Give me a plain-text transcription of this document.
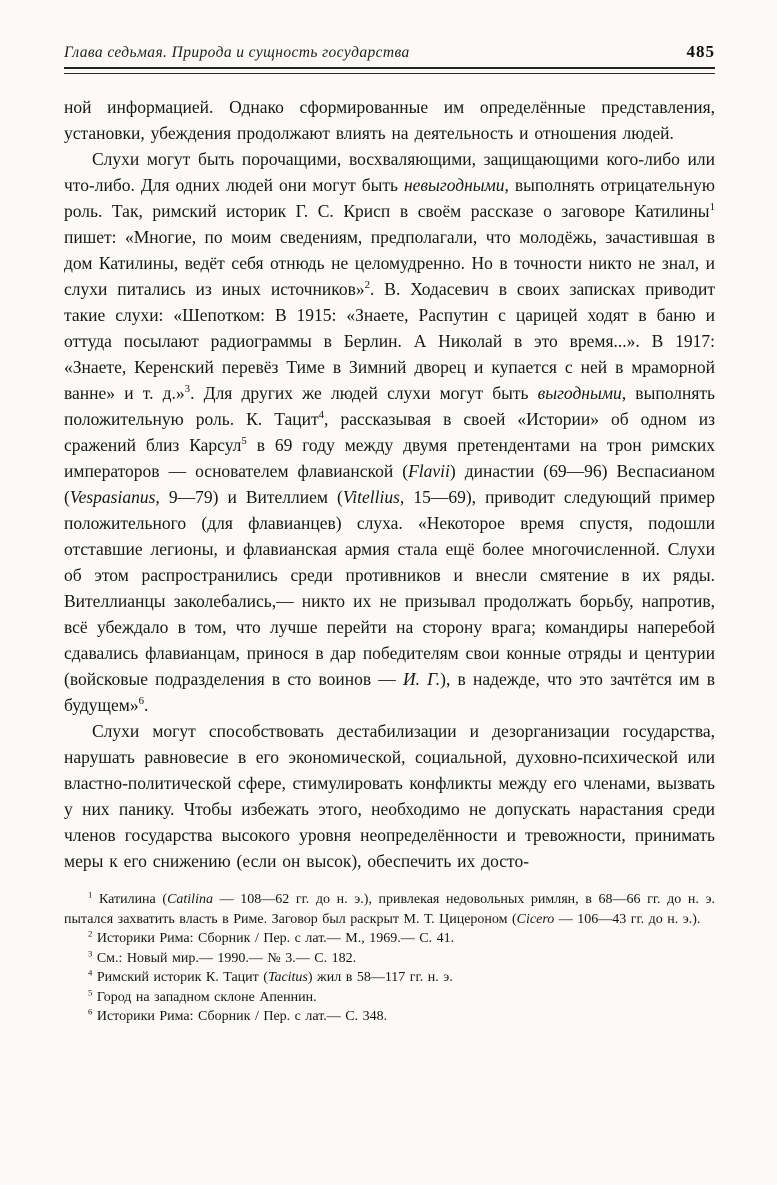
Глава седьмая. Природа и сущность государства	485

ной информацией. Однако сформированные им определённые представления, установки, убеждения продолжают влиять на деятельность и отношения людей.

Слухи могут быть порочащими, восхваляющими, защищающими кого-либо или что-либо. Для одних людей они могут быть невыгодными, выполнять отрицательную роль. Так, римский историк Г. С. Крисп в своём рассказе о заговоре Катилины$^1$ пишет: «Многие, по моим сведениям, предполагали, что молодёжь, зачастившая в дом Катилины, ведёт себя отнюдь не целомудренно. Но в точности никто не знал, и слухи питались из иных источников»$^2$. В. Ходасевич в своих записках приводит такие слухи: «Шепотком: В 1915: «Знаете, Распутин с царицей ходят в баню и оттуда посылают радиограммы в Берлин. А Николай в это время...». В 1917: «Знаете, Керенский перевёз Тиме в Зимний дворец и купается с ней в мраморной ванне» и т. д.»$^3$. Для других же людей слухи могут быть выгодными, выполнять положительную роль. К. Тацит$^4$, рассказывая в своей «Истории» об одном из сражений близ Карсул$^5$ в 69 году между двумя претендентами на трон римских императоров — основателем флавианской (Flavii) династии (69—96) Веспасианом (Vespasianus, 9—79) и Вителлием (Vitellius, 15—69), приводит следующий пример положительного (для флавианцев) слуха. «Некоторое время спустя, подошли отставшие легионы, и флавианская армия стала ещё более многочисленной. Слухи об этом распространились среди противников и внесли смятение в их ряды. Вителлианцы заколебались,— никто их не призывал продолжать борьбу, напротив, всё убеждало в том, что лучше перейти на сторону врага; командиры наперебой сдавались флавианцам, принося в дар победителям свои конные отряды и центурии (войсковые подразделения в сто воинов — И. Г.), в надежде, что это зачтётся им в будущем»$^6$.

Слухи могут способствовать дестабилизации и дезорганизации государства, нарушать равновесие в его экономической, социальной, духовно-психической или властно-политической сфере, стимулировать конфликты между его членами, вызвать у них панику. Чтобы избежать этого, необходимо не допускать нарастания среди членов государства высокого уровня неопределённости и тревожности, принимать меры к его снижению (если он высок), обеспечить их досто-

$^1$ Катилина (Catilina — 108—62 гг. до н. э.), привлекая недовольных римлян, в 68—66 гг. до н. э. пытался захватить власть в Риме. Заговор был раскрыт М. Т. Цицероном (Cicero — 106—43 гг. до н. э.).

$^2$ Историки Рима: Сборник / Пер. с лат.— М., 1969.— С. 41.

$^3$ См.: Новый мир.— 1990.— № 3.— С. 182.

$^4$ Римский историк К. Тацит (Tacitus) жил в 58—117 гг. н. э.

$^5$ Город на западном склоне Апеннин.

$^6$ Историки Рима: Сборник / Пер. с лат.— С. 348.
